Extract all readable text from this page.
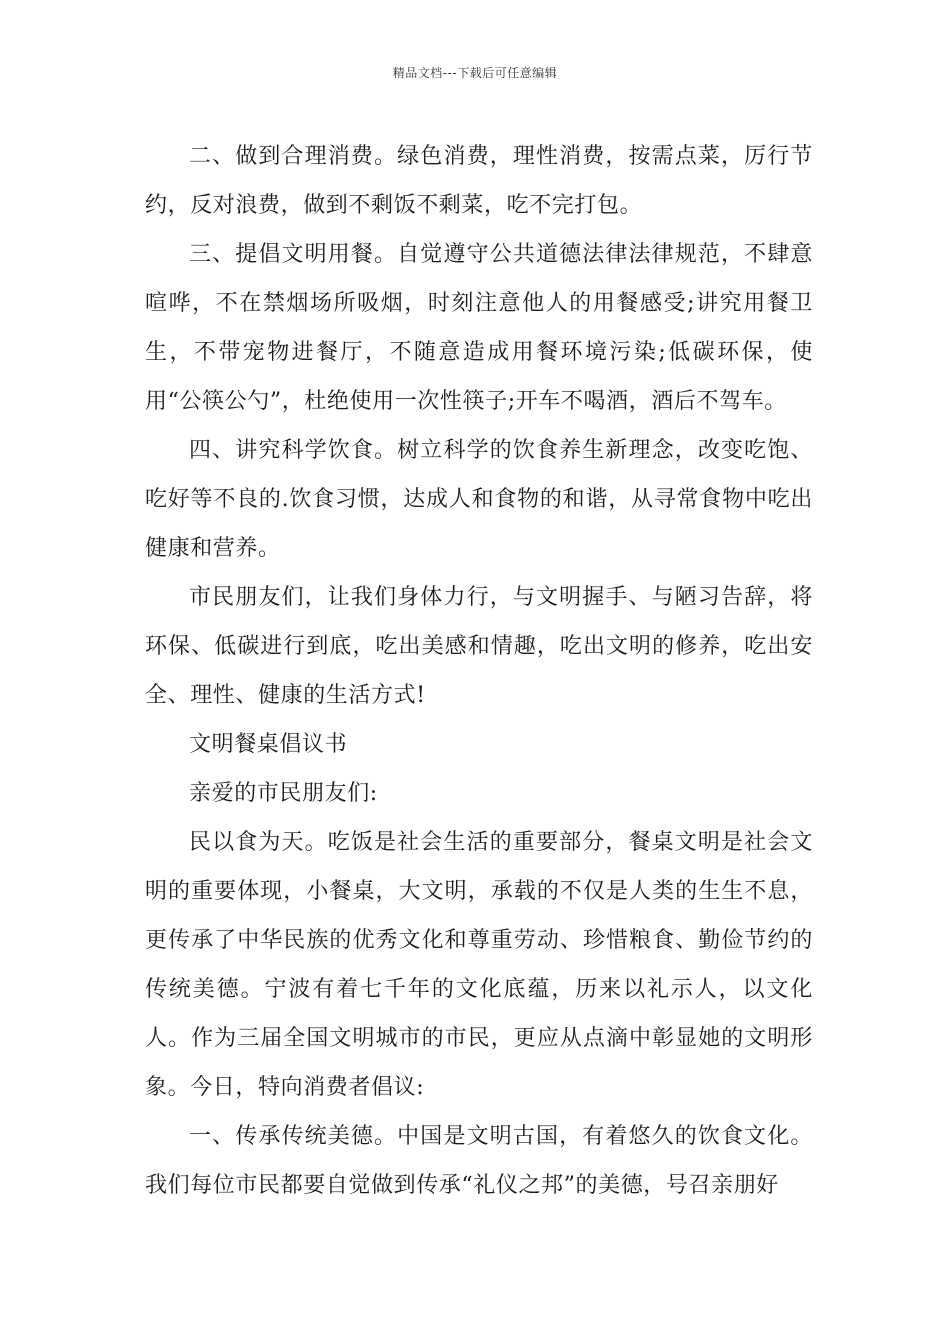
精品文档---下载后可任意编辑

二、做到合理消费。绿色消费，理性消费，按需点菜，厉行节约，反对浪费，做到不剩饭不剩菜，吃不完打包。

三、提倡文明用餐。自觉遵守公共道德法律法律规范，不肆意喧哗，不在禁烟场所吸烟，时刻注意他人的用餐感受;讲究用餐卫生，不带宠物进餐厅，不随意造成用餐环境污染;低碳环保，使用“公筷公勺”，杜绝使用一次性筷子;开车不喝酒，酒后不驾车。

四、讲究科学饮食。树立科学的饮食养生新理念，改变吃饱、吃好等不良的.饮食习惯，达成人和食物的和谐，从寻常食物中吃出健康和营养。

市民朋友们，让我们身体力行，与文明握手、与陋习告辞，将环保、低碳进行到底，吃出美感和情趣，吃出文明的修养，吃出安全、理性、健康的生活方式!

文明餐桌倡议书

亲爱的市民朋友们:

民以食为天。吃饭是社会生活的重要部分，餐桌文明是社会文明的重要体现，小餐桌，大文明，承载的不仅是人类的生生不息，更传承了中华民族的优秀文化和尊重劳动、珍惜粮食、勤俭节约的传统美德。宁波有着七千年的文化底蕴，历来以礼示人，以文化人。作为三届全国文明城市的市民，更应从点滴中彰显她的文明形象。今日，特向消费者倡议:

一、传承传统美德。中国是文明古国，有着悠久的饮食文化。我们每位市民都要自觉做到传承“礼仪之邦”的美德，号召亲朋好
